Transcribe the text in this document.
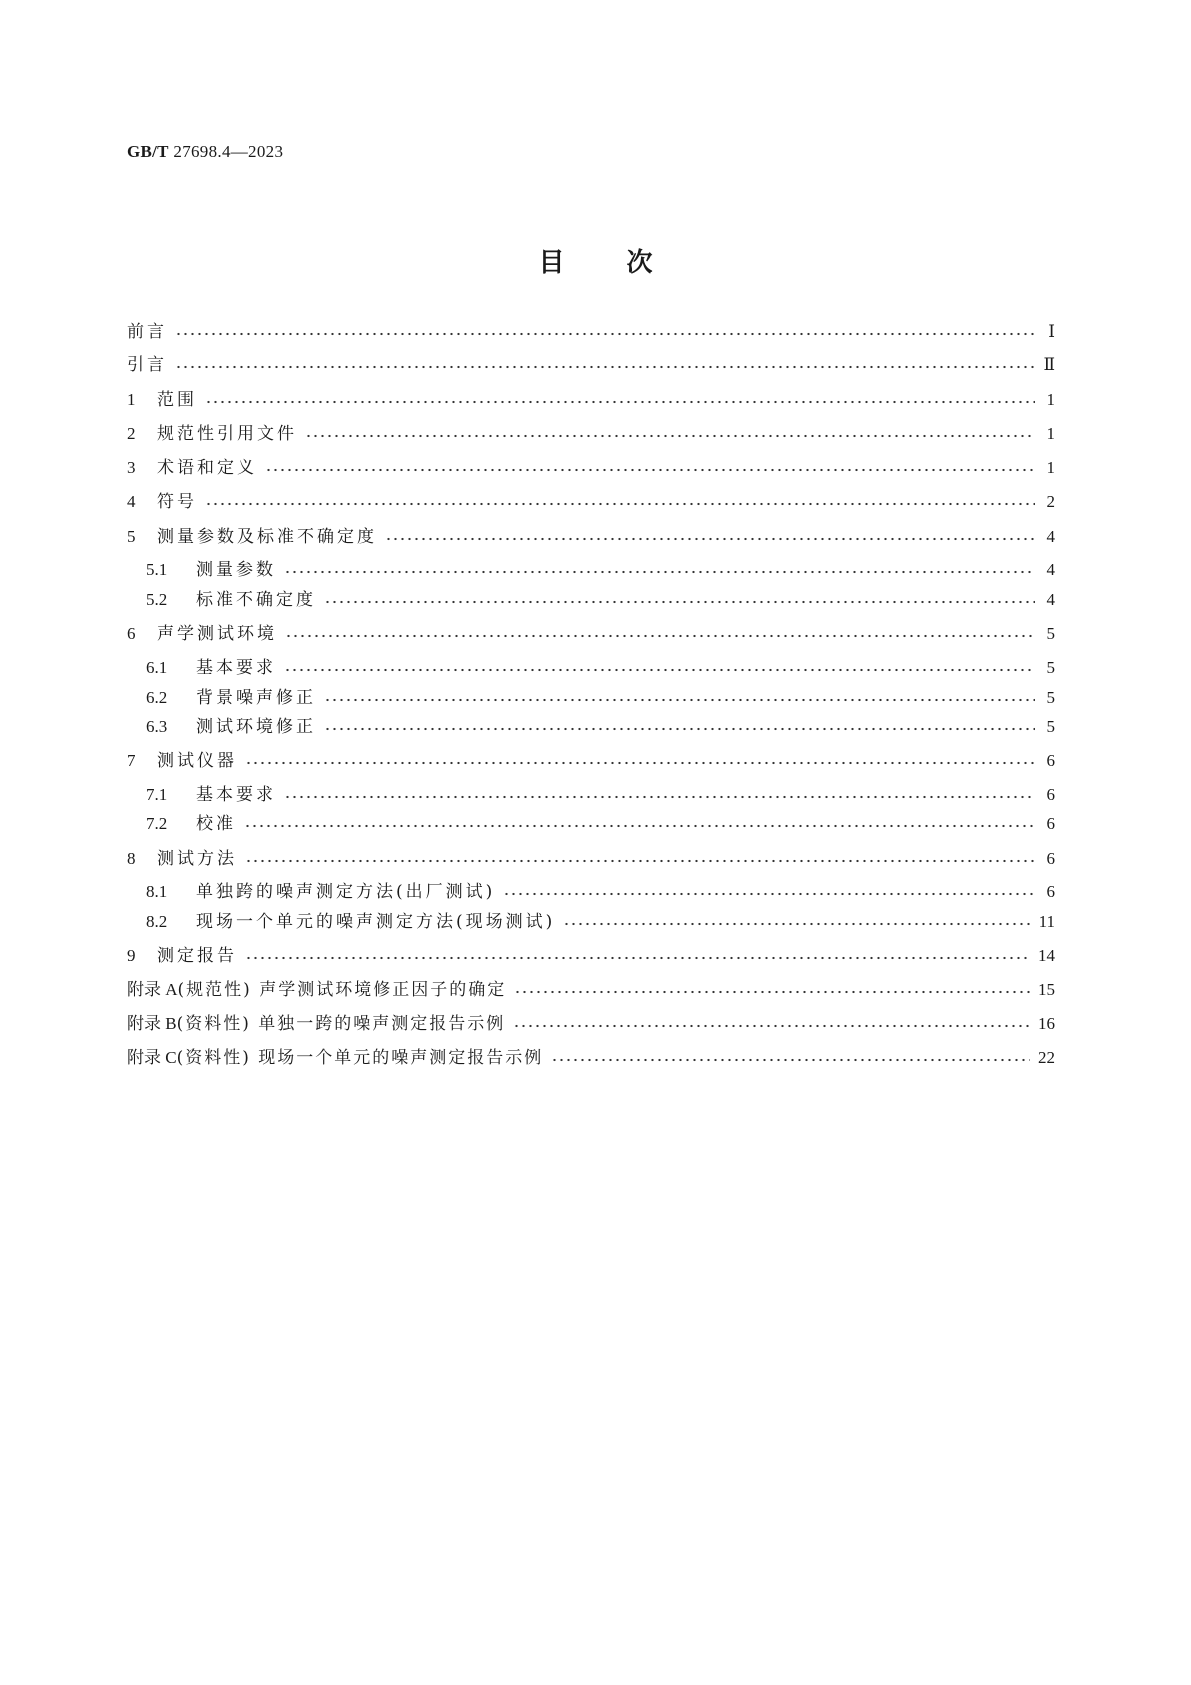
GB/T 27698.4—2023
目 次
前言	Ⅰ
引言	Ⅱ
1	范围	1
2	规范性引用文件	1
3	术语和定义	1
4	符号	2
5	测量参数及标准不确定度	4
5.1	测量参数	4
5.2	标准不确定度	4
6	声学测试环境	5
6.1	基本要求	5
6.2	背景噪声修正	5
6.3	测试环境修正	5
7	测试仪器	6
7.1	基本要求	6
7.2	校准	6
8	测试方法	6
8.1	单独跨的噪声测定方法(出厂测试)	6
8.2	现场一个单元的噪声测定方法(现场测试)	11
9	测定报告	14
附录 A (规范性) 声学测试环境修正因子的确定	15
附录 B (资料性) 单独一跨的噪声测定报告示例	16
附录 C (资料性) 现场一个单元的噪声测定报告示例	22
